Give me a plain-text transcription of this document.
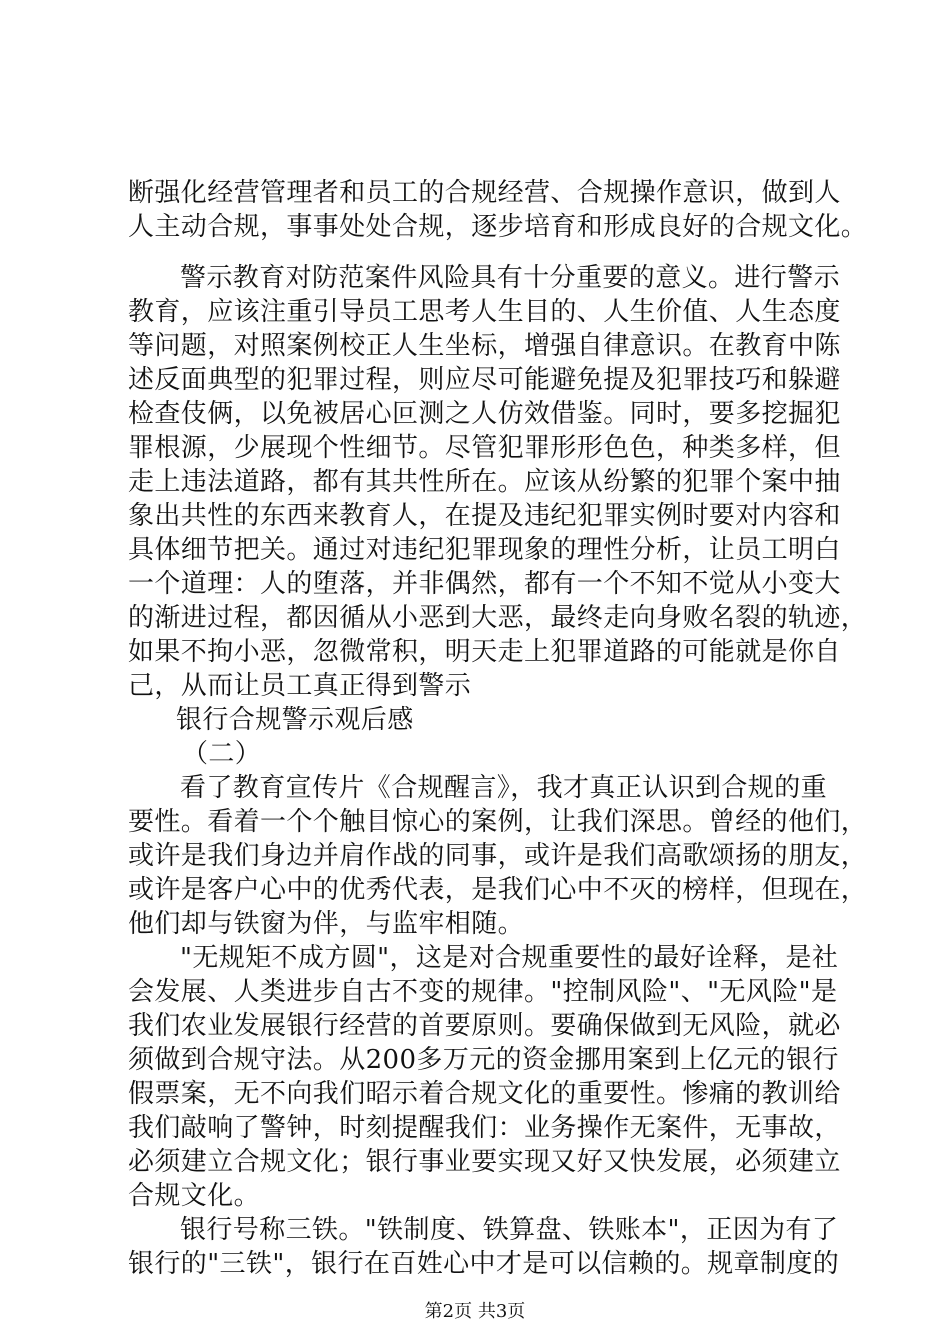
断强化经营管理者和员工的合规经营、合规操作意识，做到人
人主动合规，事事处处合规，逐步培育和形成良好的合规文化。
警示教育对防范案件风险具有十分重要的意义。进行警示
教育，应该注重引导员工思考人生目的、人生价值、人生态度
等问题，对照案例校正人生坐标，增强自律意识。在教育中陈
述反面典型的犯罪过程，则应尽可能避免提及犯罪技巧和躲避
检查伎俩，以免被居心叵测之人仿效借鉴。同时，要多挖掘犯
罪根源，少展现个性细节。尽管犯罪形形色色，种类多样，但
走上违法道路，都有其共性所在。应该从纷繁的犯罪个案中抽
象出共性的东西来教育人，在提及违纪犯罪实例时要对内容和
具体细节把关。通过对违纪犯罪现象的理性分析，让员工明白
一个道理：人的堕落，并非偶然，都有一个不知不觉从小变大
的渐进过程，都因循从小恶到大恶，最终走向身败名裂的轨迹，
如果不拘小恶，忽微常积，明天走上犯罪道路的可能就是你自
己，从而让员工真正得到警示
银行合规警示观后感
（二）
看了教育宣传片《合规醒言》，我才真正认识到合规的重
要性。看着一个个触目惊心的案例，让我们深思。曾经的他们，
或许是我们身边并肩作战的同事，或许是我们高歌颂扬的朋友，
或许是客户心中的优秀代表，是我们心中不灭的榜样，但现在，
他们却与铁窗为伴，与监牢相随。
"无规矩不成方圆"，这是对合规重要性的最好诠释，是社
会发展、人类进步自古不变的规律。"控制风险"、"无风险"是
我们农业发展银行经营的首要原则。要确保做到无风险，就必
须做到合规守法。从200多万元的资金挪用案到上亿元的银行
假票案，无不向我们昭示着合规文化的重要性。惨痛的教训给
我们敲响了警钟，时刻提醒我们：业务操作无案件，无事故，
必须建立合规文化；银行事业要实现又好又快发展，必须建立
合规文化。
银行号称三铁。"铁制度、铁算盘、铁账本"，正因为有了
银行的"三铁"，银行在百姓心中才是可以信赖的。规章制度的
第2页 共3页
